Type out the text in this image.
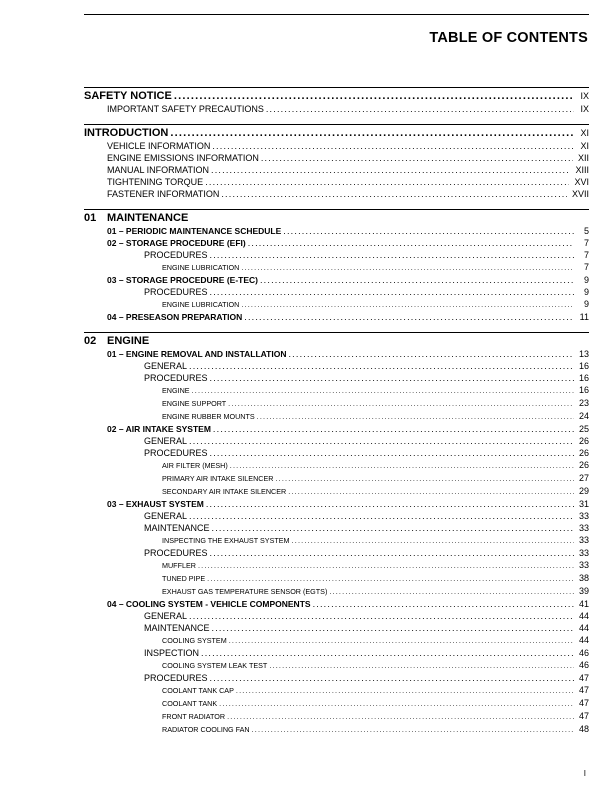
TABLE OF CONTENTS
SAFETY NOTICE .....	IX
IMPORTANT SAFETY PRECAUTIONS .....	IX
INTRODUCTION .....	XI
VEHICLE INFORMATION .....	XI
ENGINE EMISSIONS INFORMATION .....	XII
MANUAL INFORMATION .....	XIII
TIGHTENING TORQUE .....	XVI
FASTENER INFORMATION .....	XVII
01 MAINTENANCE
01 – PERIODIC MAINTENANCE SCHEDULE .....	5
02 – STORAGE PROCEDURE (EFI) .....	7
PROCEDURES .....	7
ENGINE LUBRICATION .....	7
03 – STORAGE PROCEDURE (E-TEC) .....	9
PROCEDURES .....	9
ENGINE LUBRICATION .....	9
04 – PRESEASON PREPARATION .....	11
02 ENGINE
01 – ENGINE REMOVAL AND INSTALLATION .....	13
GENERAL .....	16
PROCEDURES .....	16
ENGINE .....	16
ENGINE SUPPORT .....	23
ENGINE RUBBER MOUNTS .....	24
02 – AIR INTAKE SYSTEM .....	25
GENERAL .....	26
PROCEDURES .....	26
AIR FILTER (MESH) .....	26
PRIMARY AIR INTAKE SILENCER .....	27
SECONDARY AIR INTAKE SILENCER .....	29
03 – EXHAUST SYSTEM .....	31
GENERAL .....	33
MAINTENANCE .....	33
INSPECTING THE EXHAUST SYSTEM .....	33
PROCEDURES .....	33
MUFFLER .....	33
TUNED PIPE .....	38
EXHAUST GAS TEMPERATURE SENSOR (EGTS) .....	39
04 – COOLING SYSTEM - VEHICLE COMPONENTS .....	41
GENERAL .....	44
MAINTENANCE .....	44
COOLING SYSTEM .....	44
INSPECTION .....	46
COOLING SYSTEM LEAK TEST .....	46
PROCEDURES .....	47
COOLANT TANK CAP .....	47
COOLANT TANK .....	47
FRONT RADIATOR .....	47
RADIATOR COOLING FAN .....	48
I
